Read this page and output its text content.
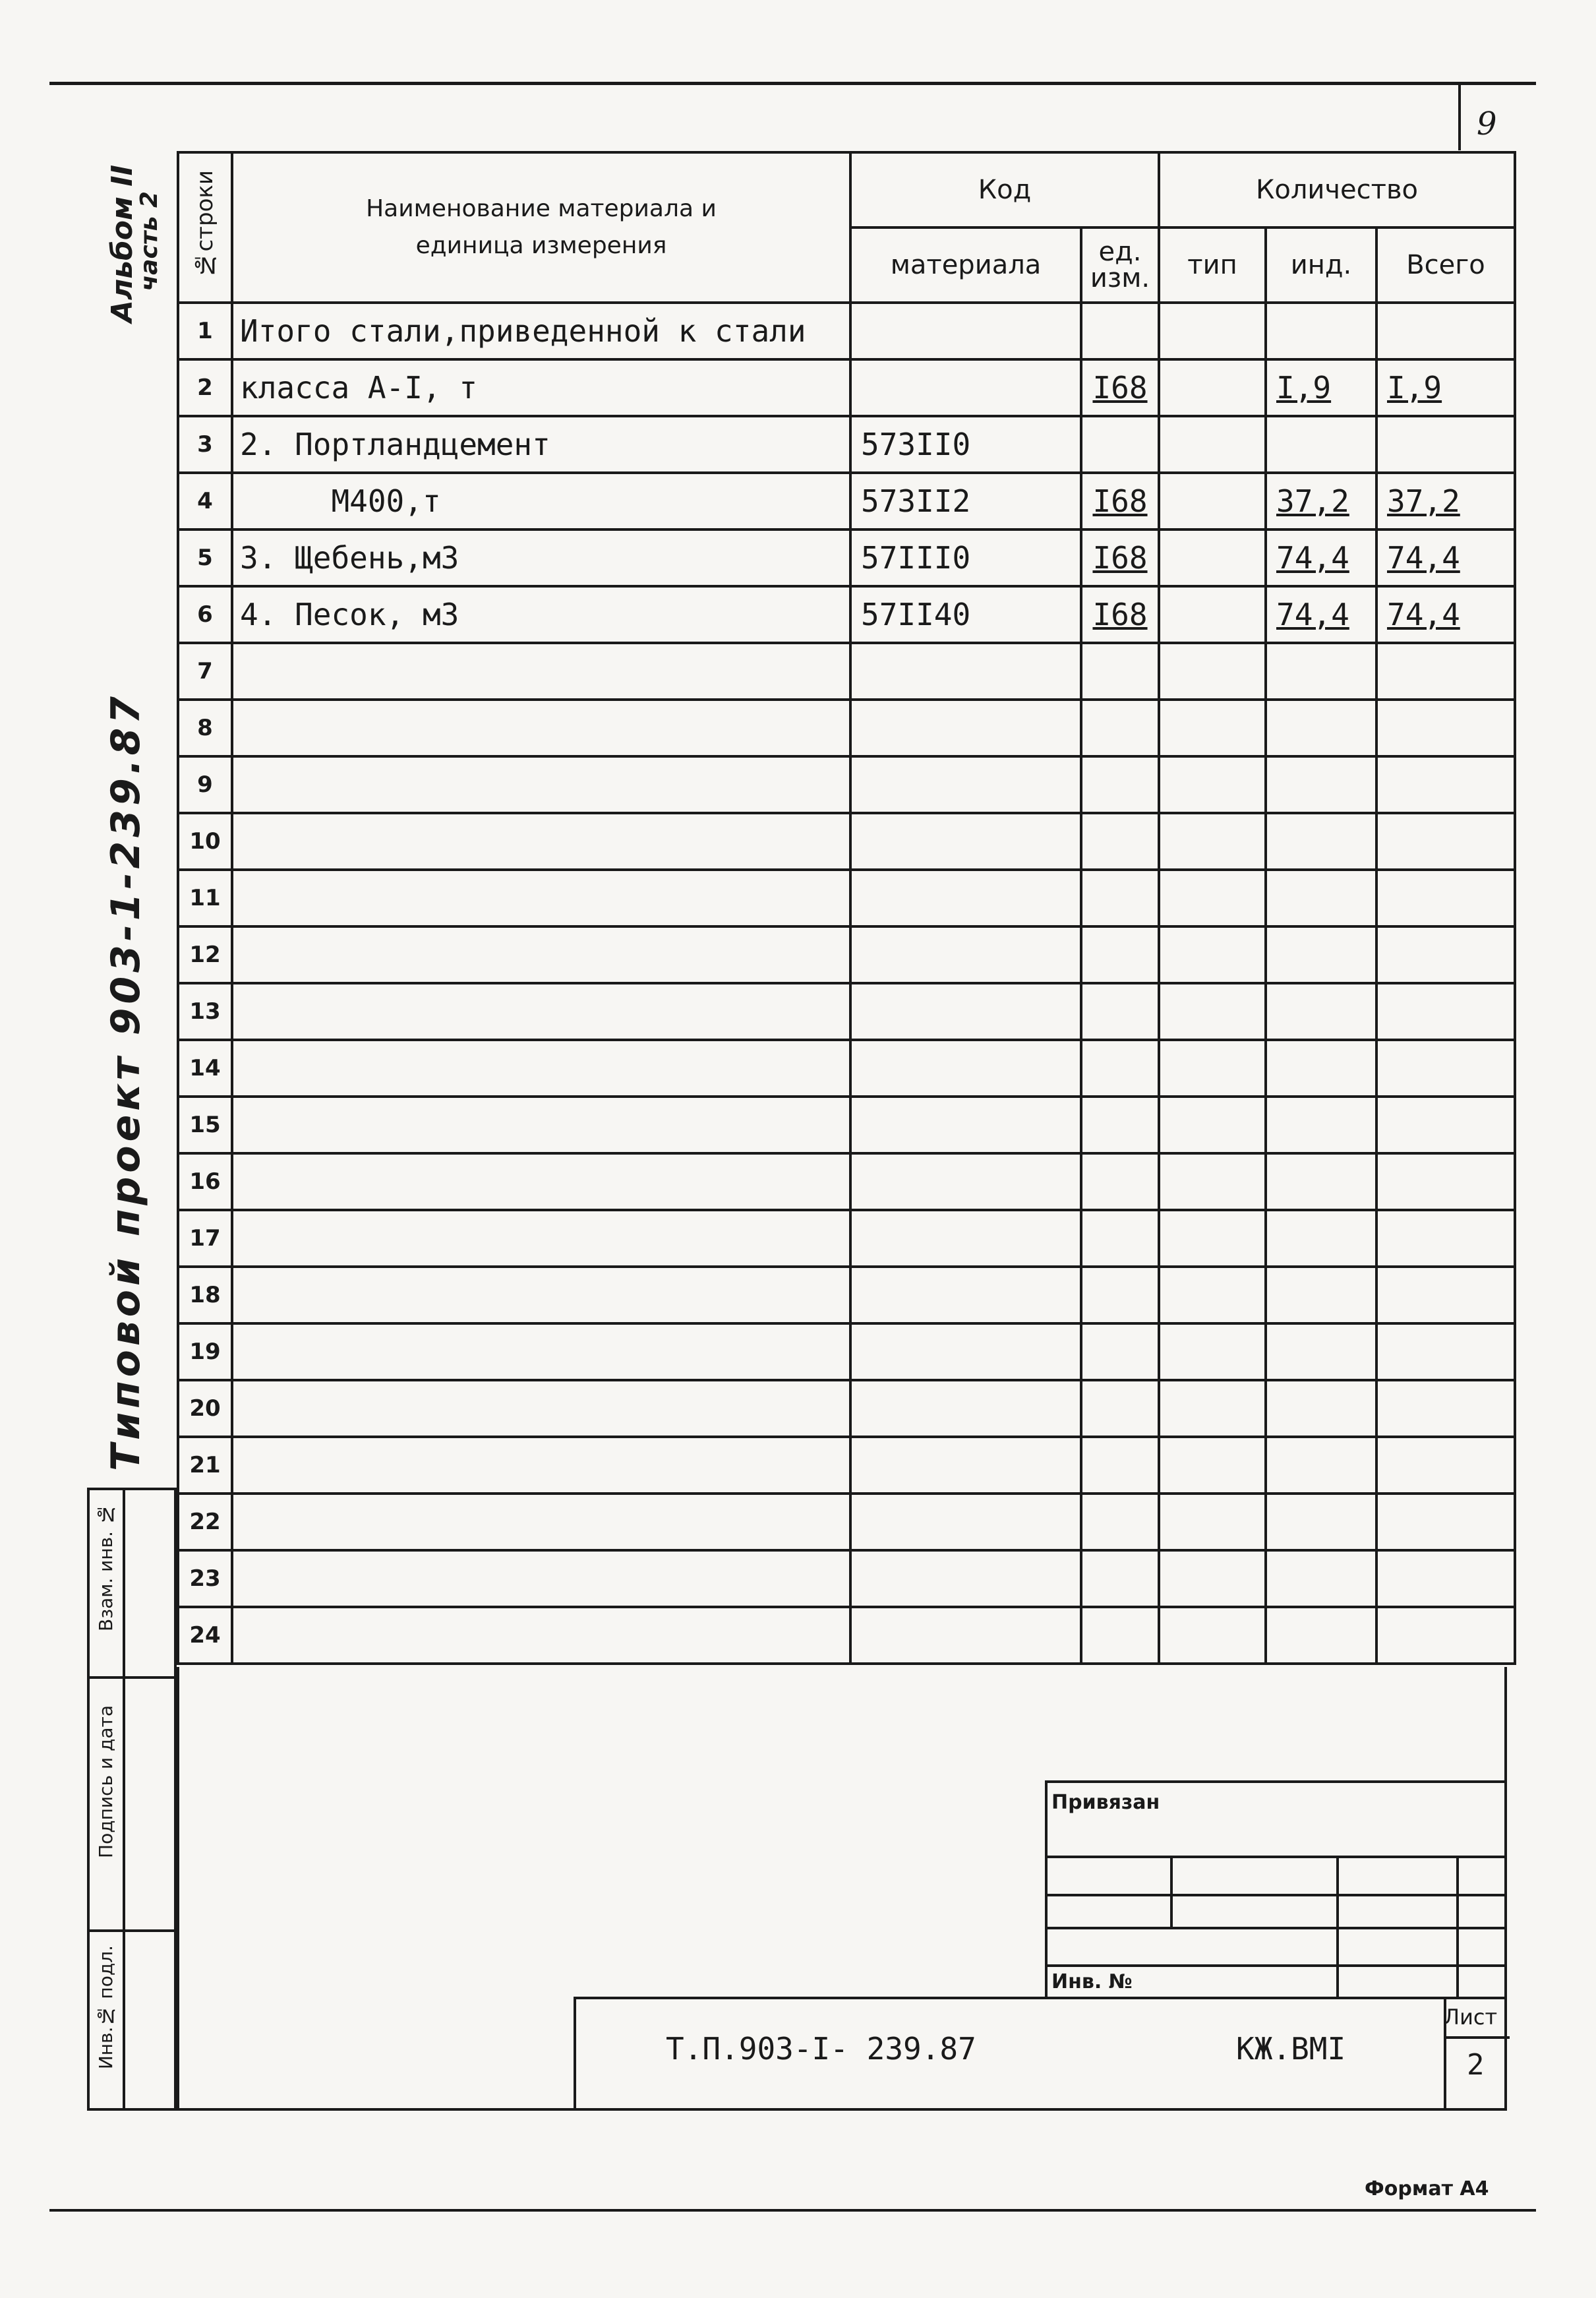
9
Альбом II
часть 2
Типовой проект 903-1-239.87
№строки	Наименование материала и единица измерения	Код		Количество		
		материала	ед. изм.	тип	инд.	Всего
1	Итого стали,приведенной к стали					
2	класса А-I, т		I68		I,9	I,9
3	2. Портландцемент	573II0				
4	М400,т	573II2	I68		37,2	37,2
5	3. Щебень,м3	57III0	I68		74,4	74,4
6	4. Песок, м3	57II40	I68		74,4	74,4
7						
8						
9						
10						
11						
12						
13						
14						
15						
16						
17						
18						
19						
20						
21						
22						
23						
24						
Взам. инв. №
Подпись и дата
Инв.№ подл.
Привязан
Инв. №
Т.П.903-I- 239.87	КЖ.ВМI
Лист
2
Формат А4
